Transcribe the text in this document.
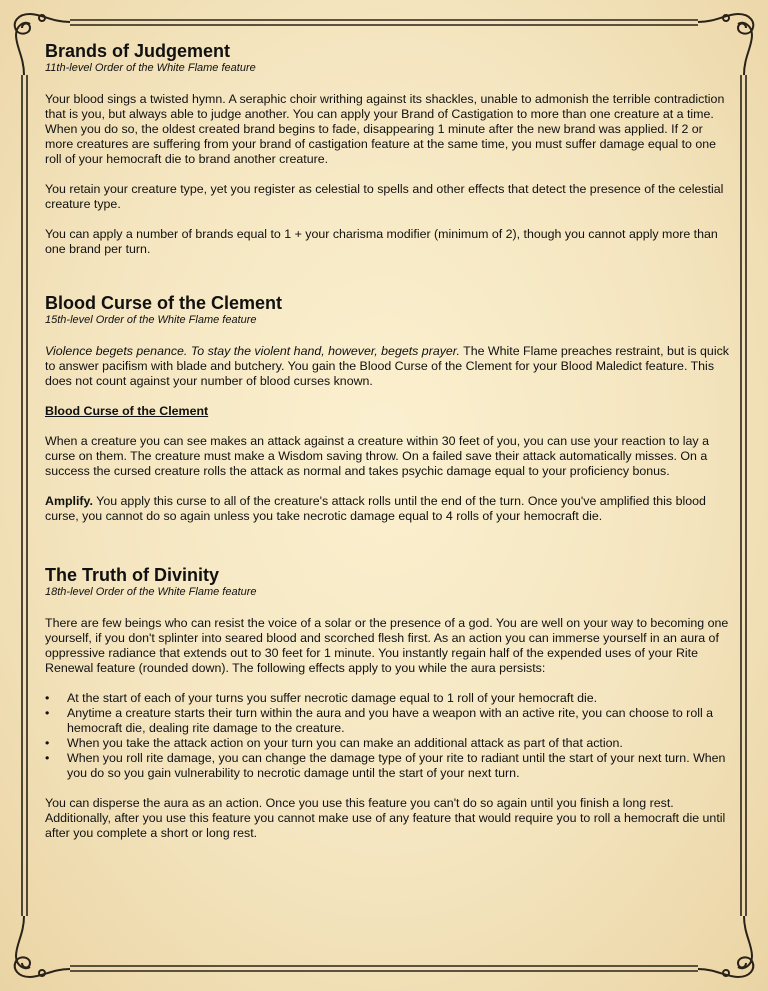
Brands of Judgement
11th-level Order of the White Flame feature

Your blood sings a twisted hymn. A seraphic choir writhing against its shackles, unable to admonish the terrible contradiction that is you, but always able to judge another. You can apply your Brand of Castigation to more than one creature at a time. When you do so, the oldest created brand begins to fade, disappearing 1 minute after the new brand was applied. If 2 or more creatures are suffering from your brand of castigation feature at the same time, you must suffer damage equal to one roll of your hemocraft die to brand another creature.

You retain your creature type, yet you register as celestial to spells and other effects that detect the presence of the celestial creature type.

You can apply a number of brands equal to 1 + your charisma modifier (minimum of 2), though you cannot apply more than one brand per turn.

Blood Curse of the Clement
15th-level Order of the White Flame feature

Violence begets penance. To stay the violent hand, however, begets prayer. The White Flame preaches restraint, but is quick to answer pacifism with blade and butchery. You gain the Blood Curse of the Clement for your Blood Maledict feature. This does not count against your number of blood curses known.

Blood Curse of the Clement

When a creature you can see makes an attack against a creature within 30 feet of you, you can use your reaction to lay a curse on them. The creature must make a Wisdom saving throw. On a failed save their attack automatically misses. On a success the cursed creature rolls the attack as normal and takes psychic damage equal to your proficiency bonus.

Amplify. You apply this curse to all of the creature's attack rolls until the end of the turn. Once you've amplified this blood curse, you cannot do so again unless you take necrotic damage equal to 4 rolls of your hemocraft die.

The Truth of Divinity
18th-level Order of the White Flame feature

There are few beings who can resist the voice of a solar or the presence of a god. You are well on your way to becoming one yourself, if you don't splinter into seared blood and scorched flesh first. As an action you can immerse yourself in an aura of oppressive radiance that extends out to 30 feet for 1 minute. You instantly regain half of the expended uses of your Rite Renewal feature (rounded down). The following effects apply to you while the aura persists:

• At the start of each of your turns you suffer necrotic damage equal to 1 roll of your hemocraft die.
• Anytime a creature starts their turn within the aura and you have a weapon with an active rite, you can choose to roll a hemocraft die, dealing rite damage to the creature.
• When you take the attack action on your turn you can make an additional attack as part of that action.
• When you roll rite damage, you can change the damage type of your rite to radiant until the start of your next turn. When you do so you gain vulnerability to necrotic damage until the start of your next turn.

You can disperse the aura as an action. Once you use this feature you can't do so again until you finish a long rest. Additionally, after you use this feature you cannot make use of any feature that would require you to roll a hemocraft die until after you complete a short or long rest.
